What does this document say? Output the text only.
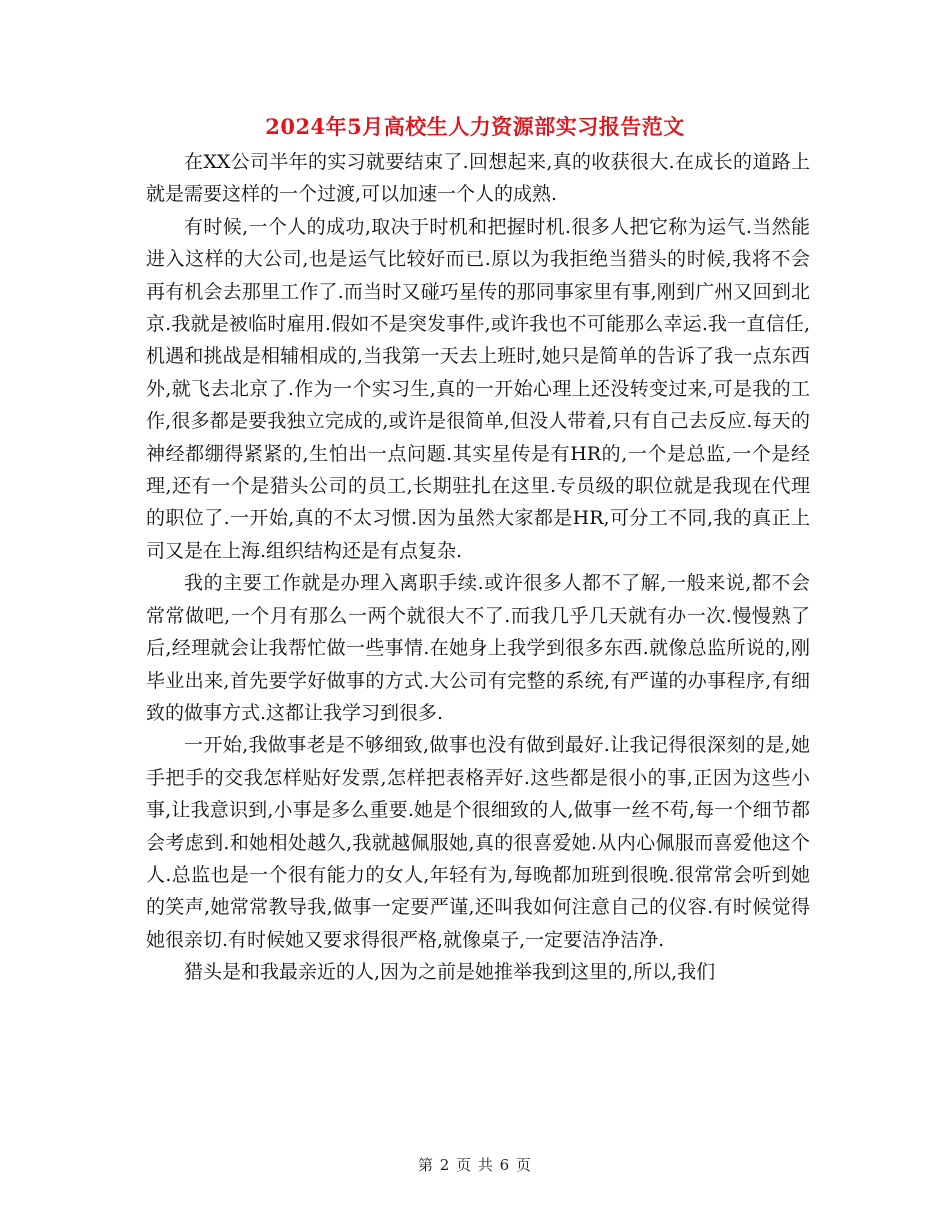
2024年5月高校生人力资源部实习报告范文

在XX公司半年的实习就要结束了.回想起来,真的收获很大.在成长的道路上就是需要这样的一个过渡,可以加速一个人的成熟.

有时候,一个人的成功,取决于时机和把握时机.很多人把它称为运气.当然能进入这样的大公司,也是运气比较好而已.原以为我拒绝当猎头的时候,我将不会再有机会去那里工作了.而当时又碰巧星传的那同事家里有事,刚到广州又回到北京.我就是被临时雇用.假如不是突发事件,或许我也不可能那么幸运.我一直信任,机遇和挑战是相辅相成的,当我第一天去上班时,她只是简单的告诉了我一点东西外,就飞去北京了.作为一个实习生,真的一开始心理上还没转变过来,可是我的工作,很多都是要我独立完成的,或许是很简单,但没人带着,只有自己去反应.每天的神经都绷得紧紧的,生怕出一点问题.其实星传是有HR的,一个是总监,一个是经理,还有一个是猎头公司的员工,长期驻扎在这里.专员级的职位就是我现在代理的职位了.一开始,真的不太习惯.因为虽然大家都是HR,可分工不同,我的真正上司又是在上海.组织结构还是有点复杂.

我的主要工作就是办理入离职手续.或许很多人都不了解,一般来说,都不会常常做吧,一个月有那么一两个就很大不了.而我几乎几天就有办一次.慢慢熟了后,经理就会让我帮忙做一些事情.在她身上我学到很多东西.就像总监所说的,刚毕业出来,首先要学好做事的方式.大公司有完整的系统,有严谨的办事程序,有细致的做事方式.这都让我学习到很多.

一开始,我做事老是不够细致,做事也没有做到最好.让我记得很深刻的是,她手把手的交我怎样贴好发票,怎样把表格弄好.这些都是很小的事,正因为这些小事,让我意识到,小事是多么重要.她是个很细致的人,做事一丝不苟,每一个细节都会考虑到.和她相处越久,我就越佩服她,真的很喜爱她.从内心佩服而喜爱他这个人.总监也是一个很有能力的女人,年轻有为,每晚都加班到很晚.很常常会听到她的笑声,她常常教导我,做事一定要严谨,还叫我如何注意自己的仪容.有时候觉得她很亲切.有时候她又要求得很严格,就像桌子,一定要洁净洁净.

猎头是和我最亲近的人,因为之前是她推举我到这里的,所以,我们

第 2 页 共 6 页
